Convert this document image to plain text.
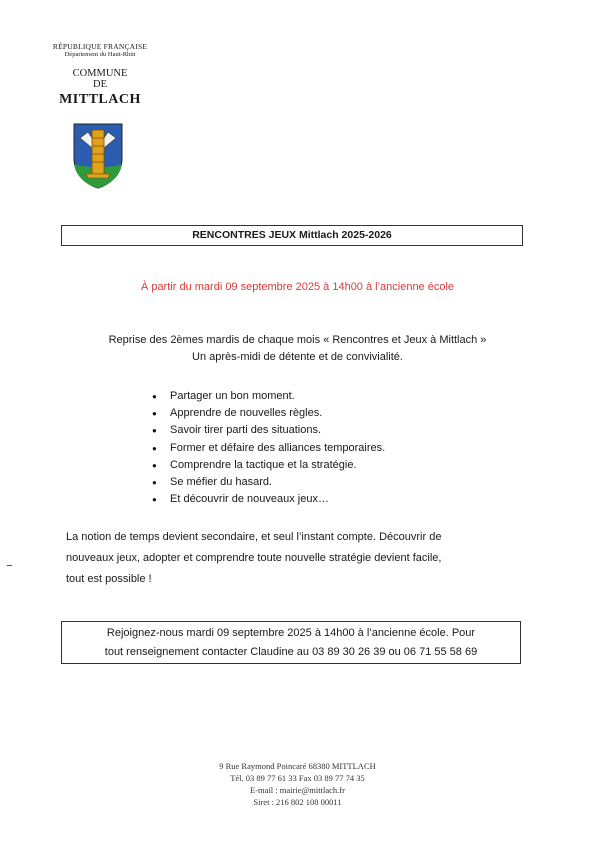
RÉPUBLIQUE FRANÇAISE
Département du Haut-Rhin
COMMUNE
DE
MITTLACH
RENCONTRES JEUX Mittlach 2025-2026
À partir du mardi 09 septembre 2025 à 14h00 à l’ancienne école
Reprise des 2èmes mardis de chaque mois « Rencontres et Jeux à Mittlach »
Un après-midi de détente et de convivialité.
● Partager un bon moment.
● Apprendre de nouvelles règles.
● Savoir tirer parti des situations.
● Former et défaire des alliances temporaires.
● Comprendre la tactique et la stratégie.
● Se méfier du hasard.
● Et découvrir de nouveaux jeux…
La notion de temps devient secondaire, et seul l’instant compte. Découvrir de
nouveaux jeux, adopter et comprendre toute nouvelle stratégie devient facile,
tout est possible !
Rejoignez-nous mardi 09 septembre 2025 à 14h00 à l’ancienne école. Pour
tout renseignement contacter Claudine au 03 89 30 26 39 ou 06 71 55 58 69
9 Rue Raymond Poincaré 68380 MITTLACH
Tél. 03 89 77 61 33 Fax 03 89 77 74 35
E-mail : mairie@mittlach.fr
Siret : 216 802 108 00011
